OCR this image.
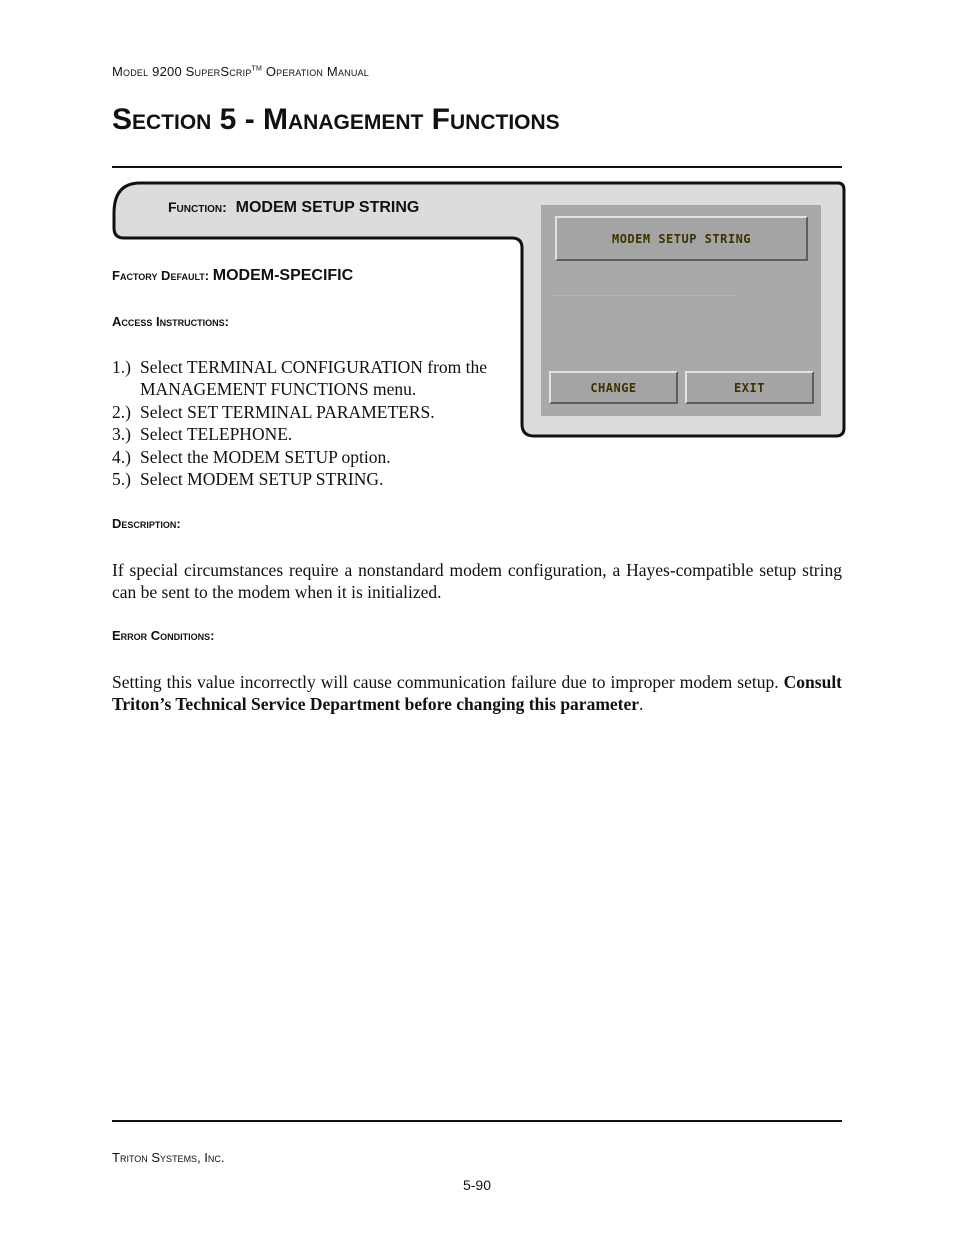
Model 9200 SuperScrip™ Operation Manual
Section 5 - Management Functions
Function: MODEM SETUP STRING
MODEM SETUP STRING
____________________________
CHANGE	EXIT
Factory Default: MODEM-SPECIFIC
Access Instructions:
1.) Select TERMINAL CONFIGURATION from the MANAGEMENT FUNCTIONS menu.
2.) Select SET TERMINAL PARAMETERS.
3.) Select TELEPHONE.
4.) Select the MODEM SETUP option.
5.) Select MODEM SETUP STRING.
Description:

If special circumstances require a nonstandard modem configuration, a Hayes-compatible setup string can be sent to the modem when it is initialized.

Error Conditions:

Setting this value incorrectly will cause communication failure due to improper modem setup. Consult Triton’s Technical Service Department before changing this parameter.

Triton Systems, Inc.
5-90
